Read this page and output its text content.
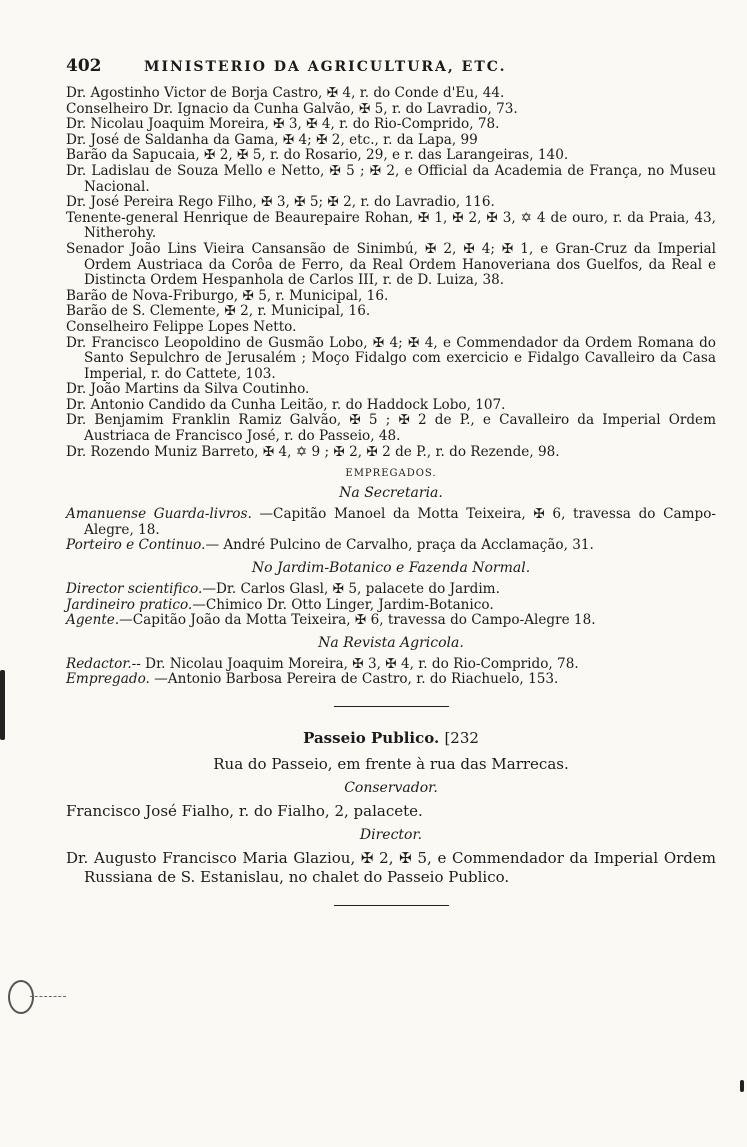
402	MINISTERIO DA AGRICULTURA, ETC.

Dr. Agostinho Victor de Borja Castro, ✠ 4, r. do Conde d'Eu, 44.

Conselheiro Dr. Ignacio da Cunha Galvão, ✠ 5, r. do Lavradio, 73.

Dr. Nicolau Joaquim Moreira, ✠ 3, ✠ 4, r. do Rio-Comprido, 78.

Dr. José de Saldanha da Gama, ✠ 4; ✠ 2, etc., r. da Lapa, 99

Barão da Sapucaia, ✠ 2, ✠ 5, r. do Rosario, 29, e r. das Larangeiras, 140.

Dr. Ladislau de Souza Mello e Netto, ✠ 5 ; ✠ 2, e Official da Academia de França, no Museu Nacional.

Dr. José Pereira Rego Filho, ✠ 3, ✠ 5; ✠ 2, r. do Lavradio, 116.

Tenente-general Henrique de Beaurepaire Rohan, ✠ 1, ✠ 2, ✠ 3, ✡ 4 de ouro, r. da Praia, 43, Nitherohy.

Senador João Lins Vieira Cansansão de Sinimbú, ✠ 2, ✠ 4; ✠ 1, e Gran-Cruz da Imperial Ordem Austriaca da Corôa de Ferro, da Real Ordem Hanoveriana dos Guelfos, da Real e Distincta Ordem Hespanhola de Carlos III, r. de D. Luiza, 38.

Barão de Nova-Friburgo, ✠ 5, r. Municipal, 16.

Barão de S. Clemente, ✠ 2, r. Municipal, 16.

Conselheiro Felippe Lopes Netto.

Dr. Francisco Leopoldino de Gusmão Lobo, ✠ 4; ✠ 4, e Commendador da Ordem Romana do Santo Sepulchro de Jerusalém ; Moço Fidalgo com exercicio e Fidalgo Cavalleiro da Casa Imperial, r. do Cattete, 103.

Dr. João Martins da Silva Coutinho.

Dr. Antonio Candido da Cunha Leitão, r. do Haddock Lobo, 107.

Dr. Benjamim Franklin Ramiz Galvão, ✠ 5 ; ✠ 2 de P., e Cavalleiro da Imperial Ordem Austriaca de Francisco José, r. do Passeio, 48.

Dr. Rozendo Muniz Barreto, ✠ 4, ✡ 9 ; ✠ 2, ✠ 2 de P., r. do Rezende, 98.

EMPREGADOS.
Na Secretaria.

Amanuense Guarda-livros. —Capitão Manoel da Motta Teixeira, ✠ 6, travessa do Campo-Alegre, 18.

Porteiro e Continuo.— André Pulcino de Carvalho, praça da Acclamação, 31.

No Jardim-Botanico e Fazenda Normal.

Director scientifico.—Dr. Carlos Glasl, ✠ 5, palacete do Jardim.

Jardineiro pratico.—Chimico Dr. Otto Linger, Jardim-Botanico.

Agente.—Capitão João da Motta Teixeira, ✠ 6, travessa do Campo-Alegre 18.

Na Revista Agricola.

Redactor.-- Dr. Nicolau Joaquim Moreira, ✠ 3, ✠ 4, r. do Rio-Comprido, 78.

Empregado. —Antonio Barbosa Pereira de Castro, r. do Riachuelo, 153.

Passeio Publico. [232
Rua do Passeio, em frente à rua das Marrecas.
Conservador.

Francisco José Fialho, r. do Fialho, 2, palacete.

Director.

Dr. Augusto Francisco Maria Glaziou, ✠ 2, ✠ 5, e Commendador da Imperial Ordem Russiana de S. Estanislau, no chalet do Passeio Publico.
